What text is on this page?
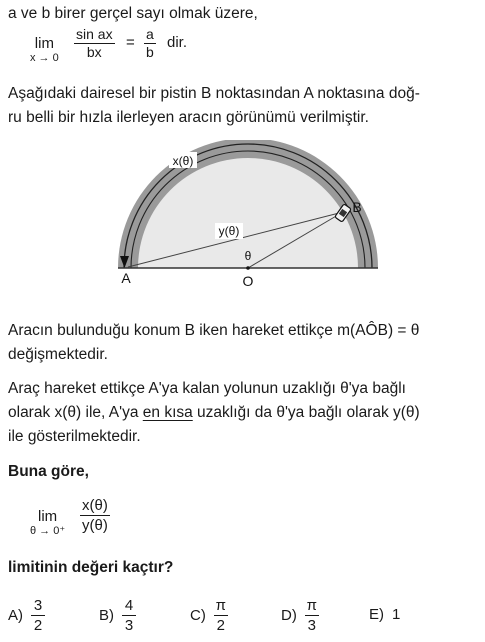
a ve b birer gerçel sayı olmak üzere,
lim
x → 0
sin ax
bx
= a
b
dir.
Aşağıdaki dairesel bir pistin B noktasından A noktasına doğ-
ru belli bir hızla ilerleyen aracın görünümü verilmiştir.
x(θ)
y(θ)
θ
A
B
O
Aracın bulunduğu konum B iken hareket ettikçe m(AÔB) = θ
değişmektedir.
Araç hareket ettikçe A'ya kalan yolunun uzaklığı θ'ya bağlı
olarak x(θ) ile, A'ya en kısa uzaklığı da θ'ya bağlı olarak y(θ)
ile gösterilmektedir.
Buna göre,
lim
θ → 0⁺
x(θ)
y(θ)
limitinin değeri kaçtır?
A)
3
2
B)
4
3
C)
π
2
D)
π
3
E) 1
